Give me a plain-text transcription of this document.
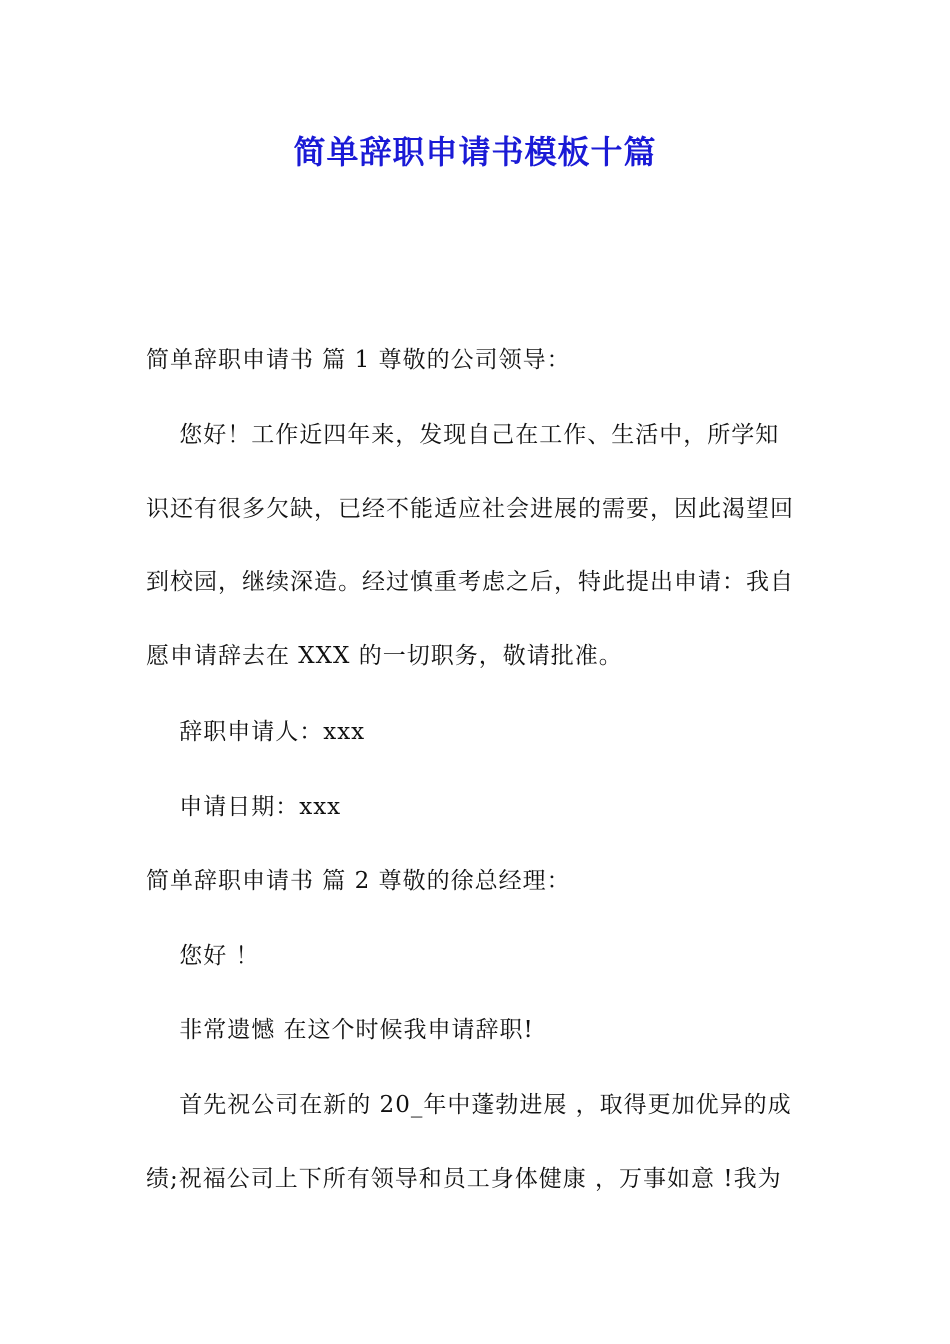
简单辞职申请书模板十篇
简单辞职申请书 篇 1 尊敬的公司领导：
您好！工作近四年来，发现自己在工作、生活中，所学知
识还有很多欠缺，已经不能适应社会进展的需要，因此渴望回
到校园，继续深造。经过慎重考虑之后，特此提出申请：我自
愿申请辞去在 XXX 的一切职务，敬请批准。
辞职申请人：xxx
申请日期：xxx
简单辞职申请书 篇 2 尊敬的徐总经理：
您好 ！
非常遗憾 在这个时候我申请辞职!
首先祝公司在新的 20_年中蓬勃进展 ，取得更加优异的成
绩;祝福公司上下所有领导和员工身体健康 ，万事如意 !我为
